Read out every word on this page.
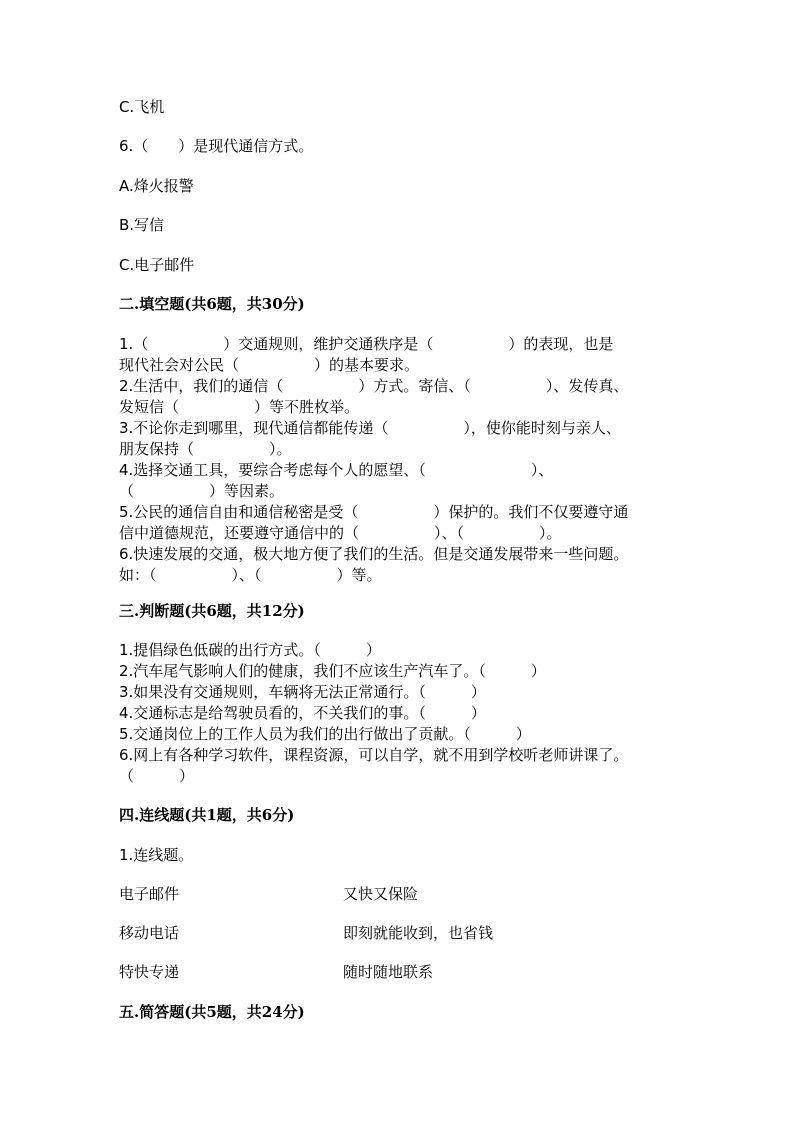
C.飞机
6.（　　）是现代通信方式。
A.烽火报警
B.写信
C.电子邮件
二.填空题(共6题，共30分)
1.（　　　　　）交通规则，维护交通秩序是（　　　　　）的表现，也是
现代社会对公民（　　　　　）的基本要求。
2.生活中，我们的通信（　　　　　）方式。寄信、（　　　　　）、发传真、
发短信（　　　　　）等不胜枚举。
3.不论你走到哪里，现代通信都能传递（　　　　　），使你能时刻与亲人、
朋友保持（　　　　　）。
4.选择交通工具，要综合考虑每个人的愿望、（　　　　　　　）、
（　　　　　）等因素。
5.公民的通信自由和通信秘密是受（　　　　　）保护的。我们不仅要遵守通
信中道德规范，还要遵守通信中的（　　　　　）、（　　　　　）。
6.快速发展的交通，极大地方便了我们的生活。但是交通发展带来一些问题。
如：（　　　　　）、（　　　　　）等。
三.判断题(共6题，共12分)
1.提倡绿色低碳的出行方式。（　　　）
2.汽车尾气影响人们的健康，我们不应该生产汽车了。（　　　）
3.如果没有交通规则，车辆将无法正常通行。（　　　）
4.交通标志是给驾驶员看的，不关我们的事。（　　　）
5.交通岗位上的工作人员为我们的出行做出了贡献。（　　　）
6.网上有各种学习软件，课程资源，可以自学，就不用到学校听老师讲课了。
（　　　）
四.连线题(共1题，共6分)
1.连线题。
电子邮件	又快又保险
移动电话	即刻就能收到，也省钱
特快专递	随时随地联系
五.简答题(共5题，共24分)
